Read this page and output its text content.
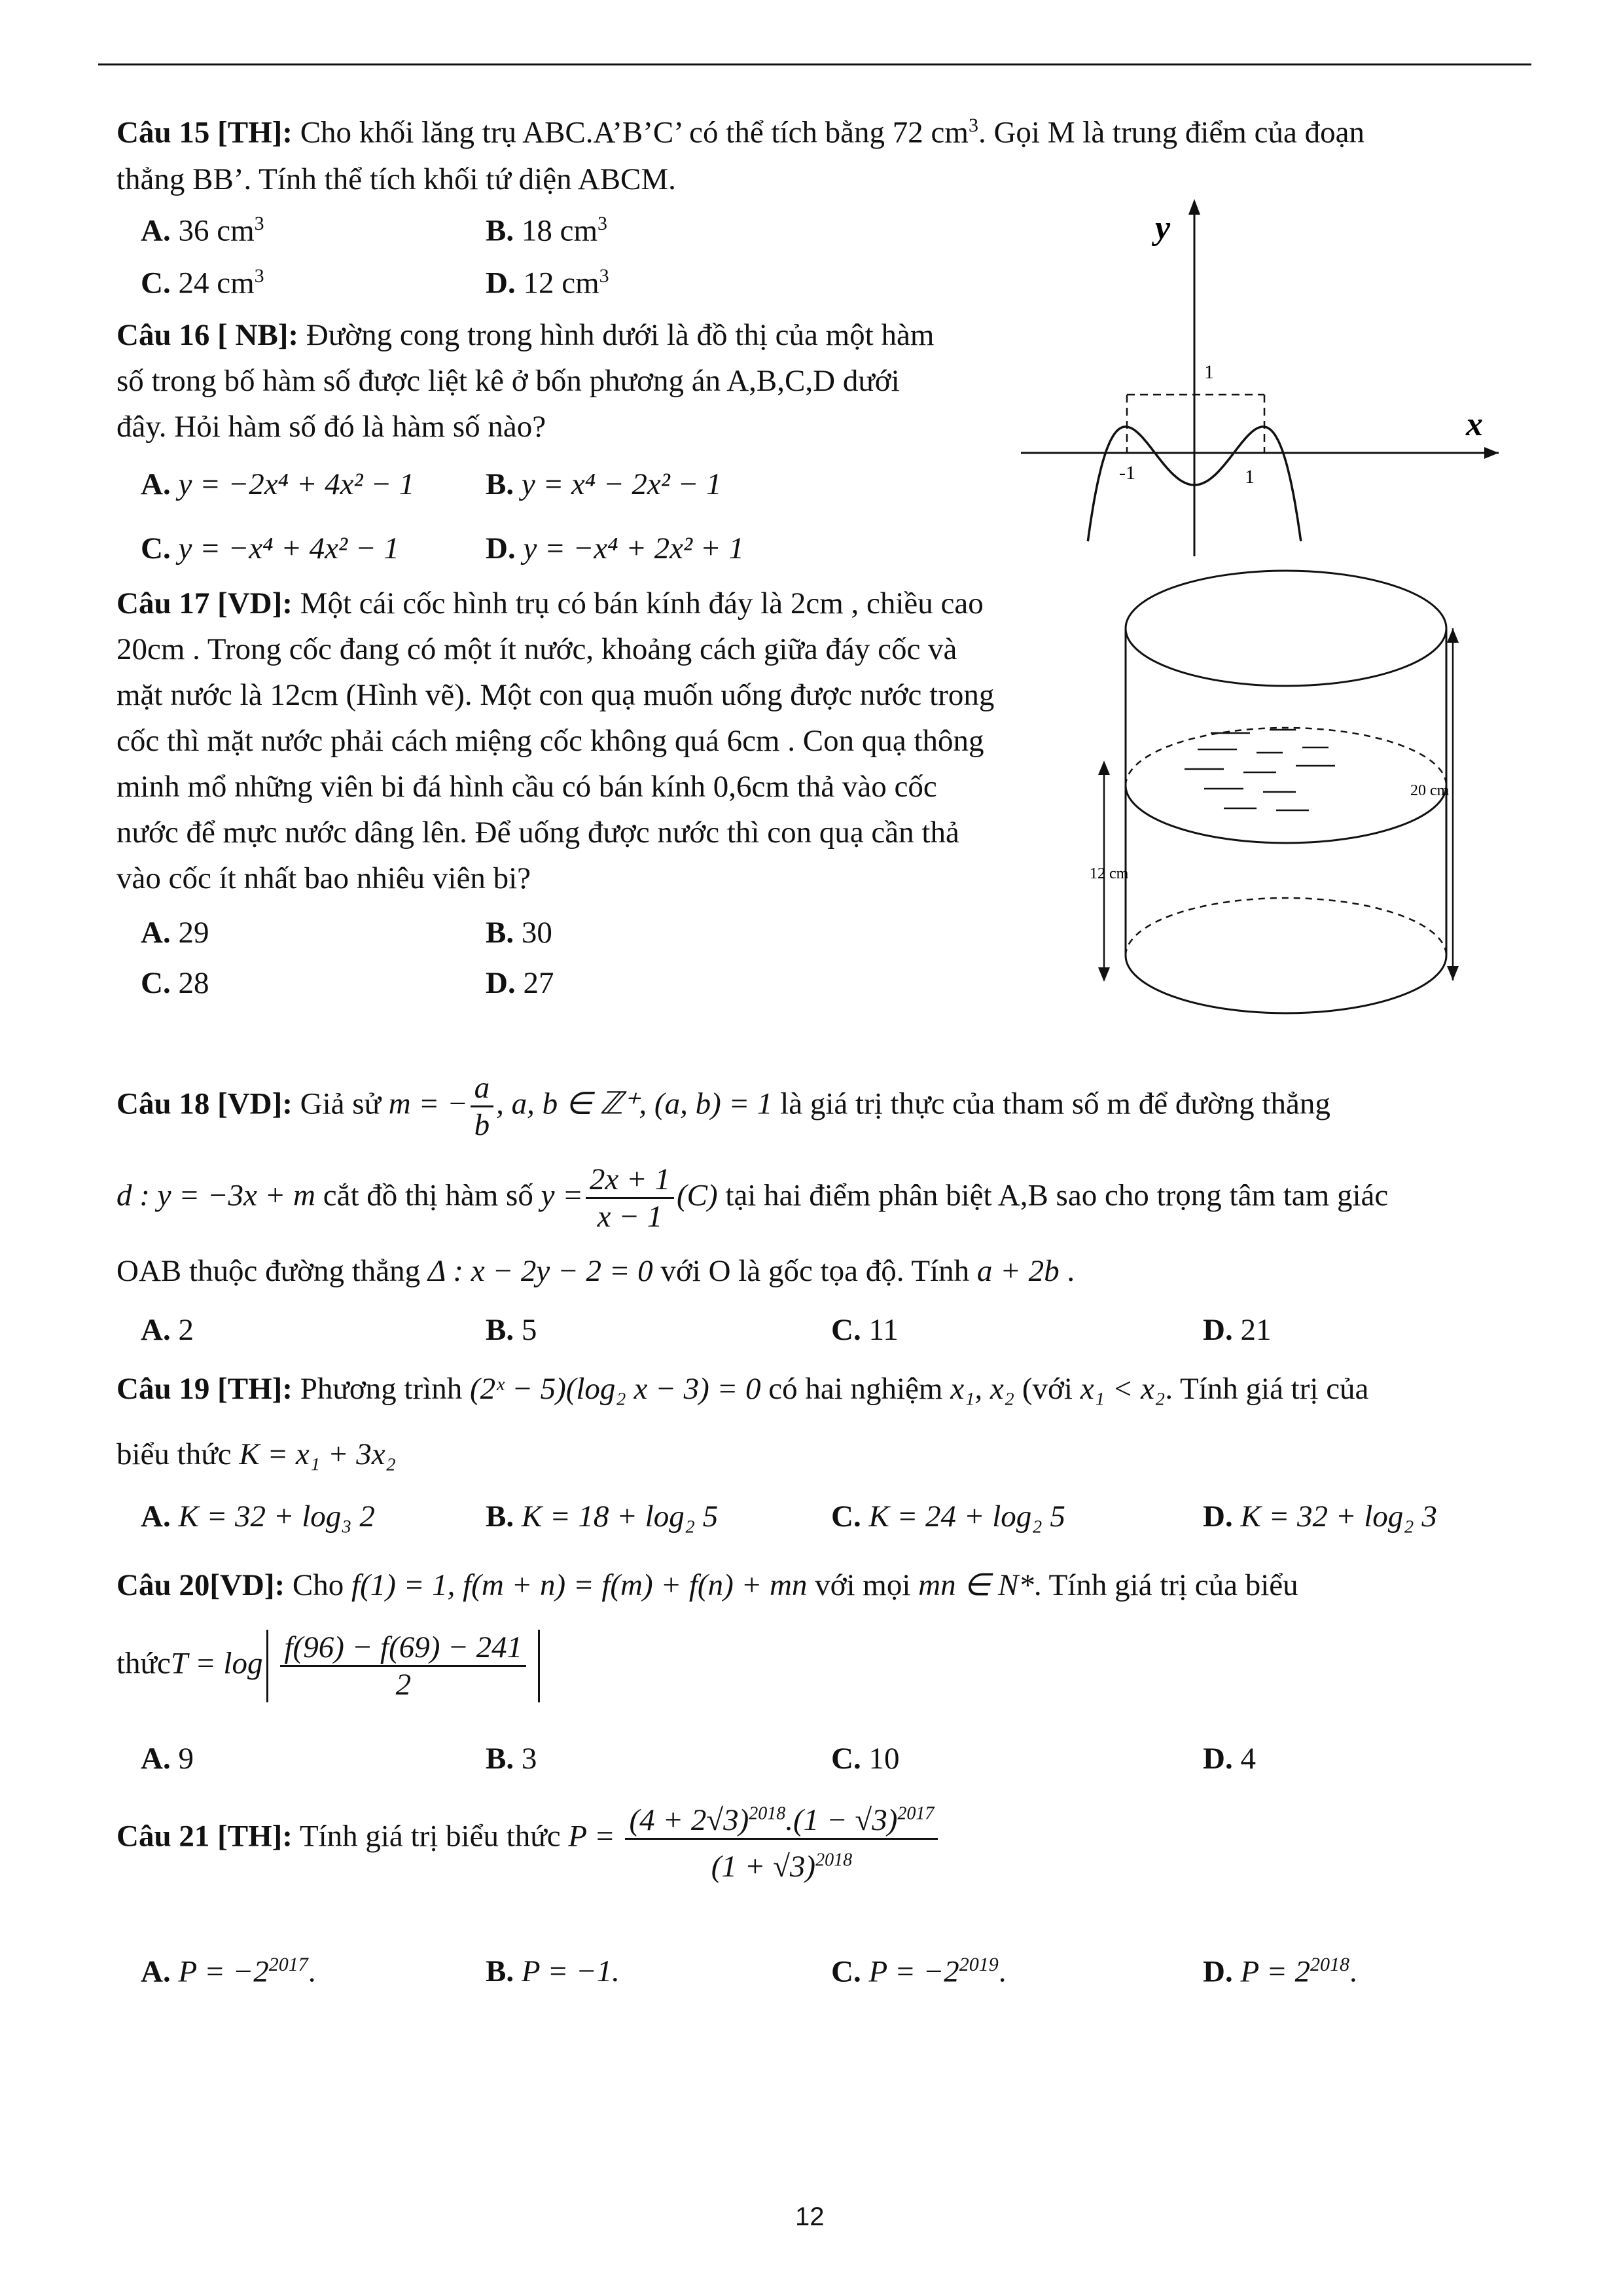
Câu 15 [TH]: Cho khối lăng trụ ABC.A’B’C’ có thể tích bằng 72 $cm^3$. Gọi M là trung điểm của đoạn
thẳng BB’. Tính thể tích khối tứ diện ABCM.
A. 36 $cm^3$	B. 18 $cm^3$
C. 24 $cm^3$	D. 12 $cm^3$
Câu 16 [ NB]: Đường cong trong hình dưới là đồ thị của một hàm
số trong bố hàm số được liệt kê ở bốn phương án A,B,C,D dưới
đây. Hỏi hàm số đó là hàm số nào?
A. y = −2x⁴ + 4x² − 1 B. y = x⁴ − 2x² − 1
C. y = −x⁴ + 4x² − 1	D. y = −x⁴ + 2x² + 1
y
x
1
-1	1
Câu 17 [VD]: Một cái cốc hình trụ có bán kính đáy là 2cm , chiều cao
20cm . Trong cốc đang có một ít nước, khoảng cách giữa đáy cốc và
mặt nước là 12cm (Hình vẽ). Một con quạ muốn uống được nước trong
cốc thì mặt nước phải cách miệng cốc không quá 6cm . Con quạ thông
minh mổ những viên bi đá hình cầu có bán kính 0,6cm thả vào cốc
nước để mực nước dâng lên. Để uống được nước thì con quạ cần thả
vào cốc ít nhất bao nhiêu viên bi?
A. 29	B. 30
C. 28	D. 27
20 cm
12 cm
Câu 18 [VD]: Giả sử m = − $\frac{a}{b}$ , a, b ∈ ℤ⁺, (a, b) = 1 là giá trị thực của tham số m để đường thẳng
d : y = −3x + m cắt đồ thị hàm số $y = \frac{2x + 1}{x - 1} (C)$ tại hai điểm phân biệt A,B sao cho trọng tâm tam giác
OAB thuộc đường thẳng Δ : x − 2y − 2 = 0 với O là gốc tọa độ. Tính a + 2b .
A. 2	B. 5	C. 11	D. 21
Câu 19 [TH]: Phương trình (2ˣ − 5)(log₂ x − 3) = 0 có hai nghiệm x₁, x₂ (với x₁ < x₂. Tính giá trị của
biểu thức K = x₁ + 3x₂
A. K = 32 + log₃ 2	B. K = 18 + log₂ 5	C. K = 24 + log₂ 5	D. K = 32 + log₂ 3
Câu 20[VD]: Cho f(1) = 1, f(m + n) = f(m) + f(n) + mn với mọi mn ∈ N*. Tính giá trị của biểu
thứcT = $\log \frac{f(96) - f(69) - 241}{2}$
A. 9	B. 3	C. 10	D. 4
Câu 21 [TH]: Tính giá trị biểu thức $P = \frac{(4 + 2√3)^{2018}.(1 - √3)^{2017}}{(1 + √3)^{2018}}$
A. $P = -2^{2017}$.	B. P = −1.	C. $P = -2^{2019}$.	D. $P = 2^{2018}$.
12
